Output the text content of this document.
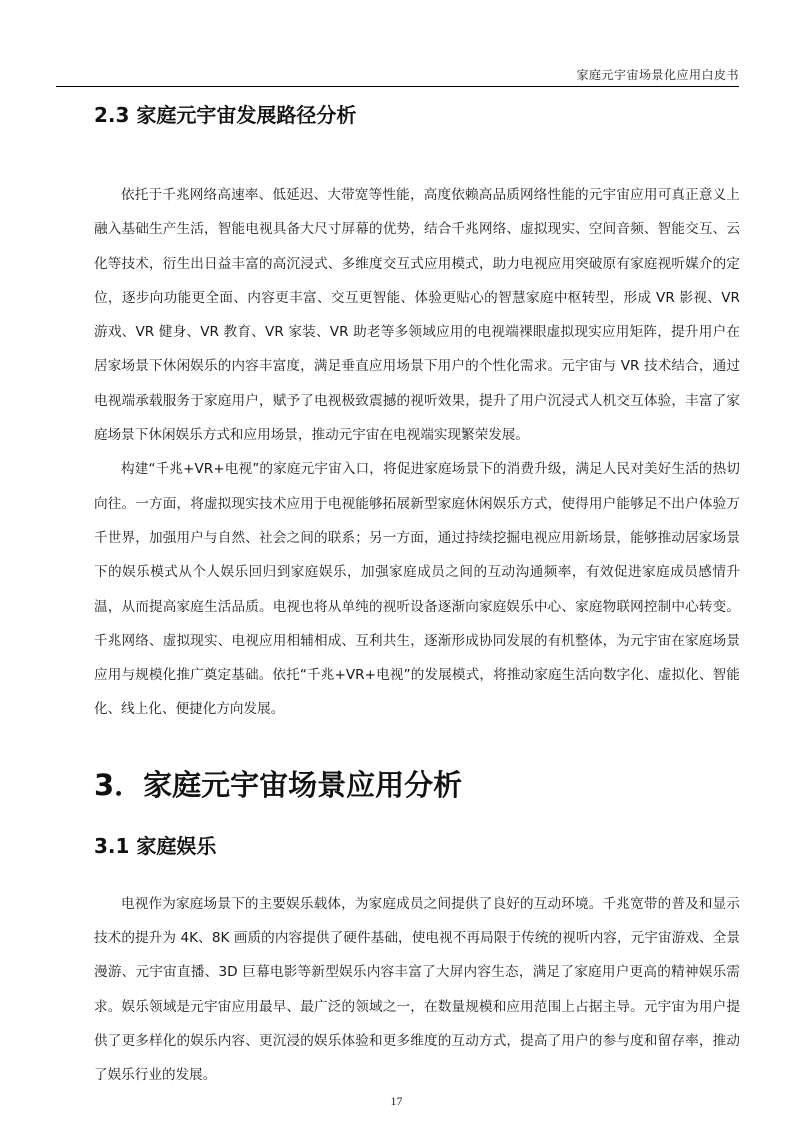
家庭元宇宙场景化应用白皮书
2.3 家庭元宇宙发展路径分析

依托于千兆网络高速率、低延迟、大带宽等性能，高度依赖高品质网络性能的元宇宙应用可真正意义上融入基础生产生活，智能电视具备大尺寸屏幕的优势，结合千兆网络、虚拟现实、空间音频、智能交互、云化等技术，衍生出日益丰富的高沉浸式、多维度交互式应用模式，助力电视应用突破原有家庭视听媒介的定位，逐步向功能更全面、内容更丰富、交互更智能、体验更贴心的智慧家庭中枢转型，形成 VR 影视、VR 游戏、VR 健身、VR 教育、VR 家装、VR 助老等多领域应用的电视端裸眼虚拟现实应用矩阵，提升用户在居家场景下休闲娱乐的内容丰富度，满足垂直应用场景下用户的个性化需求。元宇宙与 VR 技术结合，通过电视端承载服务于家庭用户，赋予了电视极致震撼的视听效果，提升了用户沉浸式人机交互体验，丰富了家庭场景下休闲娱乐方式和应用场景，推动元宇宙在电视端实现繁荣发展。

构建“千兆+VR+电视”的家庭元宇宙入口，将促进家庭场景下的消费升级，满足人民对美好生活的热切向往。一方面，将虚拟现实技术应用于电视能够拓展新型家庭休闲娱乐方式，使得用户能够足不出户体验万千世界，加强用户与自然、社会之间的联系；另一方面，通过持续挖掘电视应用新场景，能够推动居家场景下的娱乐模式从个人娱乐回归到家庭娱乐，加强家庭成员之间的互动沟通频率，有效促进家庭成员感情升温，从而提高家庭生活品质。电视也将从单纯的视听设备逐渐向家庭娱乐中心、家庭物联网控制中心转变。千兆网络、虚拟现实、电视应用相辅相成、互利共生，逐渐形成协同发展的有机整体，为元宇宙在家庭场景应用与规模化推广奠定基础。依托“千兆+VR+电视”的发展模式，将推动家庭生活向数字化、虚拟化、智能化、线上化、便捷化方向发展。

3．家庭元宇宙场景应用分析
3.1 家庭娱乐

电视作为家庭场景下的主要娱乐载体，为家庭成员之间提供了良好的互动环境。千兆宽带的普及和显示技术的提升为 4K、8K 画质的内容提供了硬件基础，使电视不再局限于传统的视听内容，元宇宙游戏、全景漫游、元宇宙直播、3D 巨幕电影等新型娱乐内容丰富了大屏内容生态，满足了家庭用户更高的精神娱乐需求。娱乐领域是元宇宙应用最早、最广泛的领域之一，在数量规模和应用范围上占据主导。元宇宙为用户提供了更多样化的娱乐内容、更沉浸的娱乐体验和更多维度的互动方式，提高了用户的参与度和留存率，推动了娱乐行业的发展。

17
